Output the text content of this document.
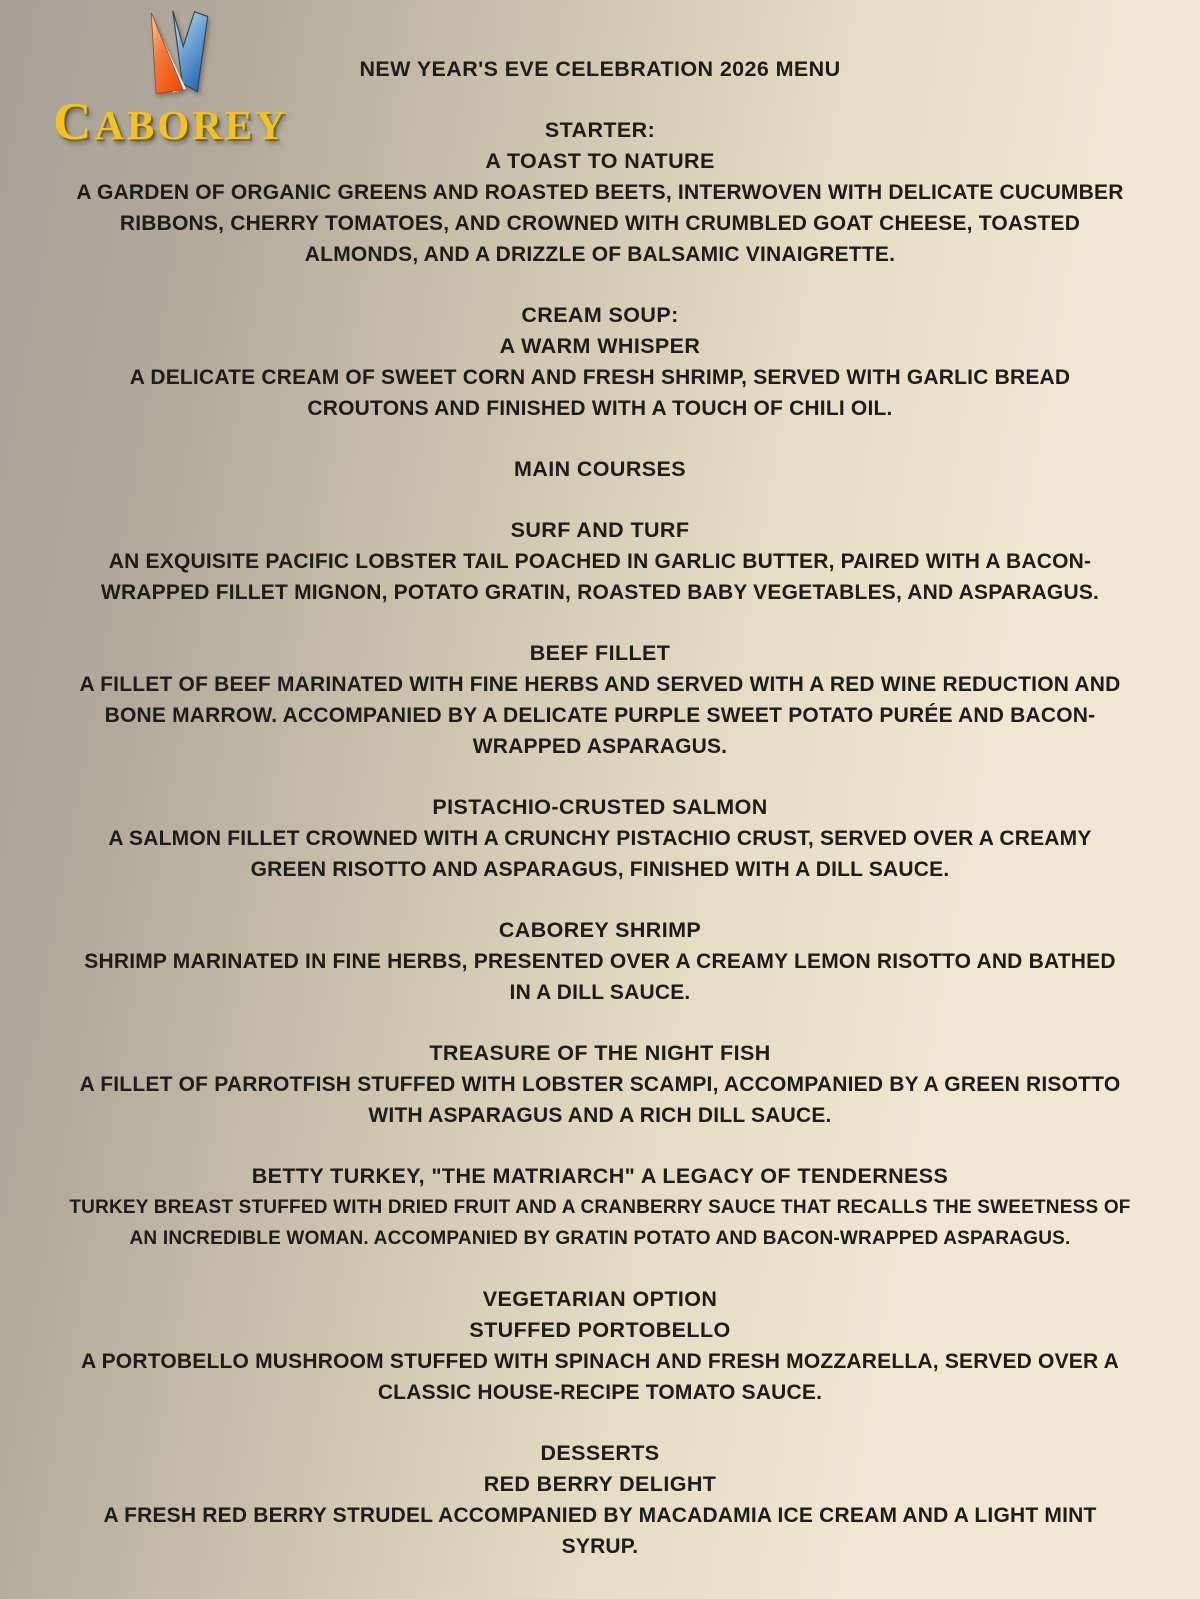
CABOREY
NEW YEAR'S EVE CELEBRATION 2026 MENU
STARTER:
A TOAST TO NATURE

A GARDEN OF ORGANIC GREENS AND ROASTED BEETS, INTERWOVEN WITH DELICATE CUCUMBER RIBBONS, CHERRY TOMATOES, AND CROWNED WITH CRUMBLED GOAT CHEESE, TOASTED ALMONDS, AND A DRIZZLE OF BALSAMIC VINAIGRETTE.

CREAM SOUP:
A WARM WHISPER

A DELICATE CREAM OF SWEET CORN AND FRESH SHRIMP, SERVED WITH GARLIC BREAD CROUTONS AND FINISHED WITH A TOUCH OF CHILI OIL.

MAIN COURSES
SURF AND TURF

AN EXQUISITE PACIFIC LOBSTER TAIL POACHED IN GARLIC BUTTER, PAIRED WITH A BACON-WRAPPED FILLET MIGNON, POTATO GRATIN, ROASTED BABY VEGETABLES, AND ASPARAGUS.

BEEF FILLET

A FILLET OF BEEF MARINATED WITH FINE HERBS AND SERVED WITH A RED WINE REDUCTION AND BONE MARROW. ACCOMPANIED BY A DELICATE PURPLE SWEET POTATO PURÉE AND BACON-WRAPPED ASPARAGUS.

PISTACHIO-CRUSTED SALMON

A SALMON FILLET CROWNED WITH A CRUNCHY PISTACHIO CRUST, SERVED OVER A CREAMY GREEN RISOTTO AND ASPARAGUS, FINISHED WITH A DILL SAUCE.

CABOREY SHRIMP

SHRIMP MARINATED IN FINE HERBS, PRESENTED OVER A CREAMY LEMON RISOTTO AND BATHED IN A DILL SAUCE.

TREASURE OF THE NIGHT FISH

A FILLET OF PARROTFISH STUFFED WITH LOBSTER SCAMPI, ACCOMPANIED BY A GREEN RISOTTO WITH ASPARAGUS AND A RICH DILL SAUCE.

BETTY TURKEY, "THE MATRIARCH" A LEGACY OF TENDERNESS

TURKEY BREAST STUFFED WITH DRIED FRUIT AND A CRANBERRY SAUCE THAT RECALLS THE SWEETNESS OF AN INCREDIBLE WOMAN. ACCOMPANIED BY GRATIN POTATO AND BACON-WRAPPED ASPARAGUS.

VEGETARIAN OPTION
STUFFED PORTOBELLO

A PORTOBELLO MUSHROOM STUFFED WITH SPINACH AND FRESH MOZZARELLA, SERVED OVER A CLASSIC HOUSE-RECIPE TOMATO SAUCE.

DESSERTS
RED BERRY DELIGHT

A FRESH RED BERRY STRUDEL ACCOMPANIED BY MACADAMIA ICE CREAM AND A LIGHT MINT SYRUP.
